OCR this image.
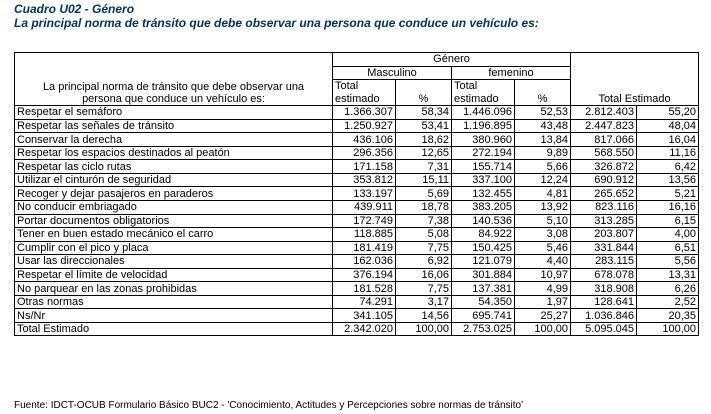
Cuadro U02 - Género
La principal norma de tránsito que debe observar una persona que conduce un vehículo es:
La principal norma de tránsito que debe observar una
persona que conduce un vehículo es:	Género				Total Estimado	
	Masculino		femenino			
	Total	%	Total	%		
	estimado		estimado			
Respetar el semáforo	1.366.307	58,34	1.446.096	52,53	2.812.403	55,20
Respetar las señales de tránsito	1.250.927	53,41	1.196.895	43,48	2.447.823	48,04
Conservar la derecha	436.106	18,62	380.960	13,84	817.066	16,04
Respetar los espacios destinados al peatón	296.356	12,65	272.194	9,89	568.550	11,16
Respetar las ciclo rutas	171.158	7,31	155.714	5,66	326.872	6,42
Utilizar el cinturón de seguridad	353.812	15,11	337.100	12,24	690.912	13,56
Recoger y dejar pasajeros en paraderos	133.197	5,69	132.455	4,81	265.652	5,21
No conducir embriagado	439.911	18,78	383.205	13,92	823.116	16,16
Portar documentos obligatorios	172.749	7,38	140.536	5,10	313.285	6,15
Tener en buen estado mecánico el carro	118.885	5,08	84.922	3,08	203.807	4,00
Cumplir con el pico y placa	181.419	7,75	150.425	5,46	331.844	6,51
Usar las direccionales	162.036	6,92	121.079	4,40	283.115	5,56
Respetar el límite de velocidad	376.194	16,06	301.884	10,97	678.078	13,31
No parquear en las zonas prohibidas	181.528	7,75	137.381	4,99	318.908	6,26
Otras normas	74.291	3,17	54.350	1,97	128.641	2,52
Ns/Nr	341.105	14,56	695.741	25,27	1.036.846	20,35
Total Estimado	2.342.020	100,00	2.753.025	100,00	5.095.045	100,00
Fuente: IDCT-OCUB Formulario Básico BUC2 - 'Conocimiento, Actitudes y Percepciones sobre normas de tránsito'
